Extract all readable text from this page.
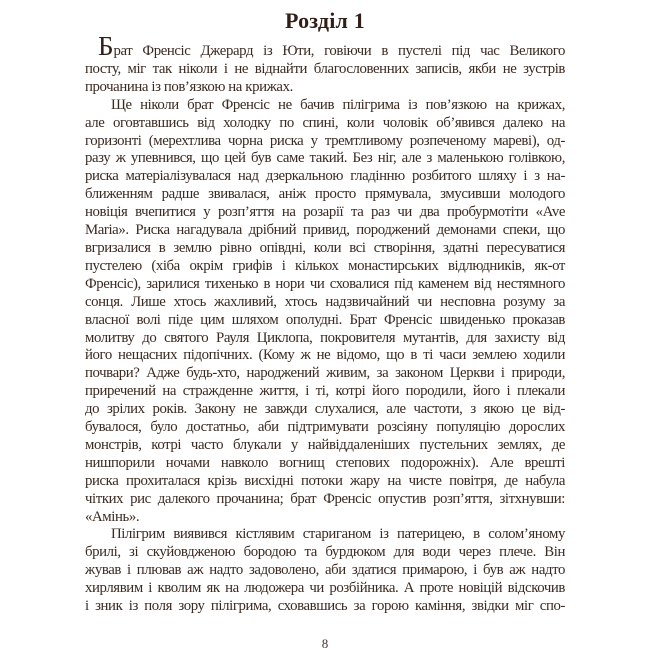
Розділ 1
Брат Френсіс Джерард із Юти, говіючи в пустелі під час Великого
посту, міг так ніколи і не віднайти благословенних записів, якби не зустрів
прочанина із пов’язкою на крижах.
Ще ніколи брат Френсіс не бачив пілігрима із пов’язкою на крижах,
але оговтавшись від холодку по спині, коли чоловік об’явився далеко на
горизонті (мерехтлива чорна риска у тремтливому розпеченому мареві), од-
разу ж упевнився, що цей був саме такий. Без ніг, але з маленькою голівкою,
риска матеріалізувалася над дзеркальною гладінню розбитого шляху і з на-
ближенням радше звивалася, аніж просто прямувала, змусивши молодого
новіція вчепитися у розп’яття на розарії та раз чи два пробурмотіти «Ave
Maria». Риска нагадувала дрібний привид, породжений демонами спеки, що
вгризалися в землю рівно опівдні, коли всі створіння, здатні пересуватися
пустелею (хіба окрім грифів і кількох монастирських відлюдників, як-от
Френсіс), зарилися тихенько в нори чи сховалися під каменем від нестямного
сонця. Лише хтось жахливий, хтось надзвичайний чи несповна розуму за
власної волі піде цим шляхом ополудні. Брат Френсіс швиденько проказав
молитву до святого Рауля Циклопа, покровителя мутантів, для захисту від
його нещасних підопічних. (Кому ж не відомо, що в ті часи землею ходили
почвари? Адже будь-хто, народжений живим, за законом Церкви і природи,
приречений на стражденне життя, і ті, котрі його породили, його і плекали
до зрілих років. Закону не завжди слухалися, але частоти, з якою це від-
бувалося, було достатньо, аби підтримувати розсіяну популяцію дорослих
монстрів, котрі часто блукали у найвіддаленіших пустельних землях, де
нишпорили ночами навколо вогнищ степових подорожніх). Але врешті
риска прохиталася крізь висхідні потоки жару на чисте повітря, де набула
чітких рис далекого прочанина; брат Френсіс опустив розп’яття, зітхнувши:
«Амінь».
Пілігрим виявився кістлявим стариганом із патерицею, в солом’яному
брилі, зі скуйовдженою бородою та бурдюком для води через плече. Він
жував і плював аж надто задоволено, аби здатися примарою, і був аж надто
хирлявим і кволим як на людожера чи розбійника. А проте новіцій відскочив
і зник із поля зору пілігрима, сховавшись за горою каміння, звідки міг спо-
8
